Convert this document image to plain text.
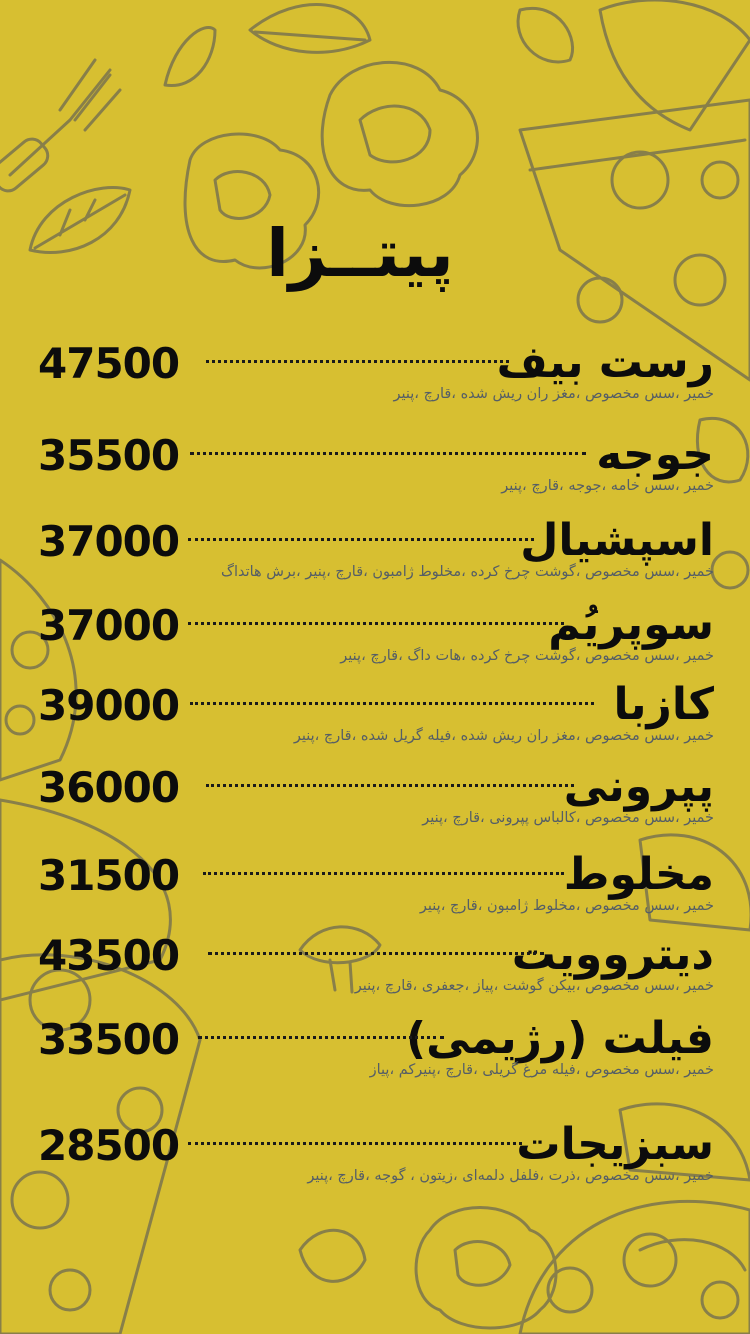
پیتــزا
رست بیف
47500
خمیر ،سس مخصوص ،مغز ران ریش شده ،قارچ ،پنیر
جوجه
35500
خمیر ،سس خامه ،جوجه ،قارچ ،پنیر
اسپشیال
37000
خمیر ،سس مخصوص ،گوشت چرخ کرده ،مخلوط ژامبون ،قارچ ،پنیر ،برش هاتداگ
سوپریُم
37000
خمیر ،سس مخصوص ،گوشت چرخ کرده ،هات داگ ،قارچ ،پنیر
کازبا
39000
خمیر ،سس مخصوص ،مغز ران ریش شده ،فیله گریل شده ،قارچ ،پنیر
پپرونی
36000
خمیر ،سس مخصوص ،کالباس پپرونی ،قارچ ،پنیر
مخلوط
31500
خمیر ،سس مخصوص ،مخلوط ژامبون ،قارچ ،پنیر
دیتروویت
43500
خمیر ،سس مخصوص ،بیکن گوشت ،پیاز ،جعفری ،قارچ ،پنیر
فیلت (رژیمی)
33500
خمیر ،سس مخصوص ،فیله مرغ گریلی ،قارچ ،پنیرکم ،پیاز
سبزیجات
28500
خمیر ،سس مخصوص ،ذرت ،فلفل دلمه‌ای ،زیتون ، گوجه ،قارچ ،پنیر
